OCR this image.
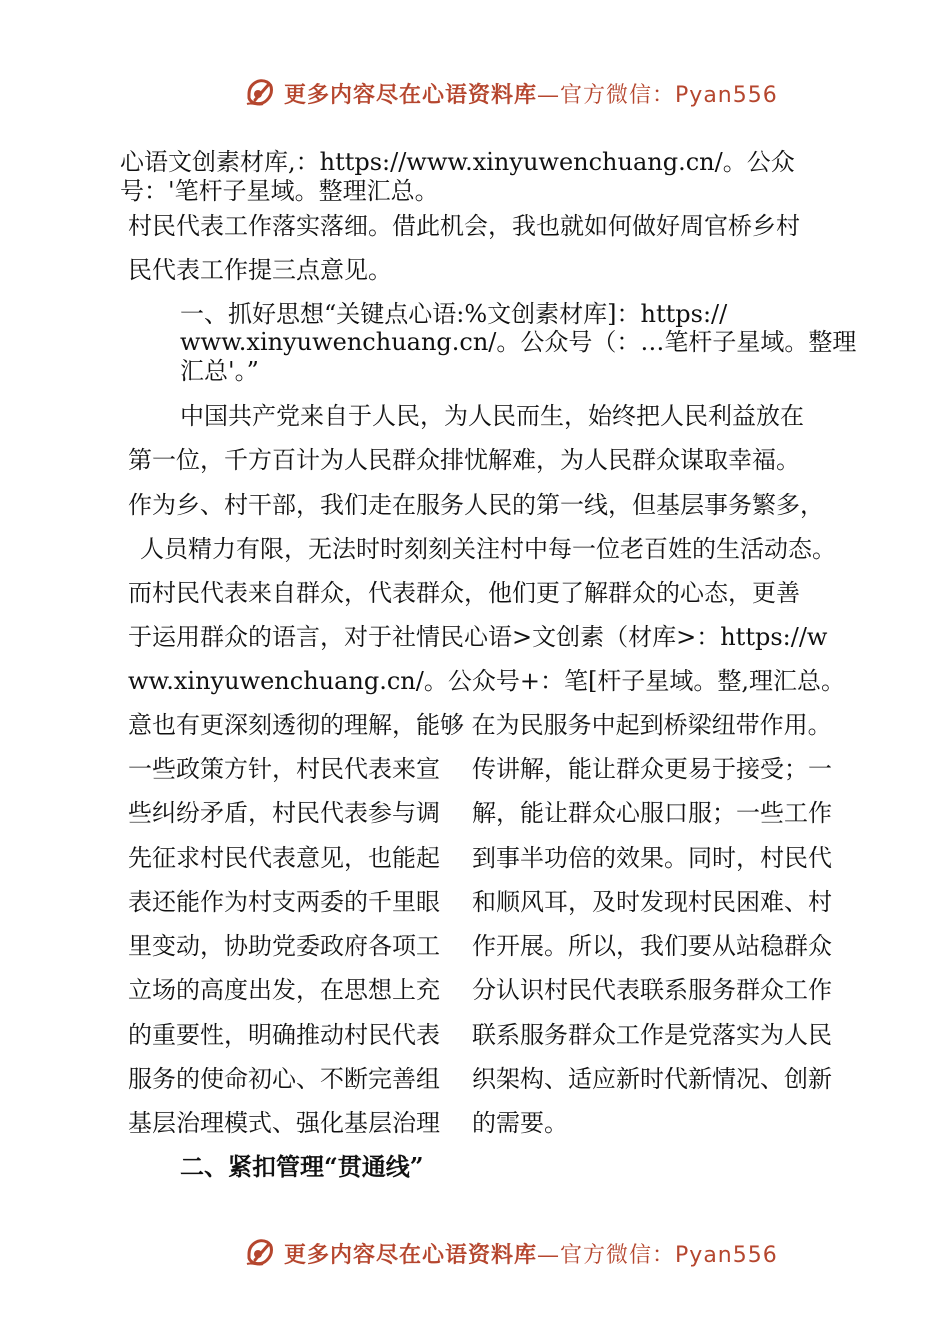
更多内容尽在心语资料库—官方微信：Pyan556
心语文创素材库,：https://www.xinyuwenchuang.cn/。公众
号：'笔杆子星域。整理汇总。
村民代表工作落实落细。借此机会，我也就如何做好周官桥乡村
民代表工作提三点意见。
一、抓好思想“关键点心语:%文创素材库]：https://
www.xinyuwenchuang.cn/。公众号（：…笔杆子星域。整理
汇总'。”
中国共产党来自于人民，为人民而生，始终把人民利益放在
第一位，千方百计为人民群众排忧解难，为人民群众谋取幸福。
作为乡、村干部，我们走在服务人民的第一线，但基层事务繁多，
人员精力有限，无法时时刻刻关注村中每一位老百姓的生活动态。
而村民代表来自群众，代表群众，他们更了解群众的心态，更善
于运用群众的语言，对于社情民心语>文创素（材库>：https://w
ww.xinyuwenchuang.cn/。公众号+：笔[杆子星域。整,理汇总。
意也有更深刻透彻的理解，能够 在为民服务中起到桥梁纽带作用。
一些政策方针，村民代表来宣
些纠纷矛盾，村民代表参与调
先征求村民代表意见，也能起
表还能作为村支两委的千里眼
里变动，协助党委政府各项工
立场的高度出发，在思想上充
的重要性，明确推动村民代表
服务的使命初心、不断完善组
基层治理模式、强化基层治理
传讲解，能让群众更易于接受；一
解，能让群众心服口服；一些工作
到事半功倍的效果。同时，村民代
和顺风耳，及时发现村民困难、村
作开展。所以，我们要从站稳群众
分认识村民代表联系服务群众工作
联系服务群众工作是党落实为人民
织架构、适应新时代新情况、创新
的需要。
二、紧扣管理“贯通线”
更多内容尽在心语资料库—官方微信：Pyan556
